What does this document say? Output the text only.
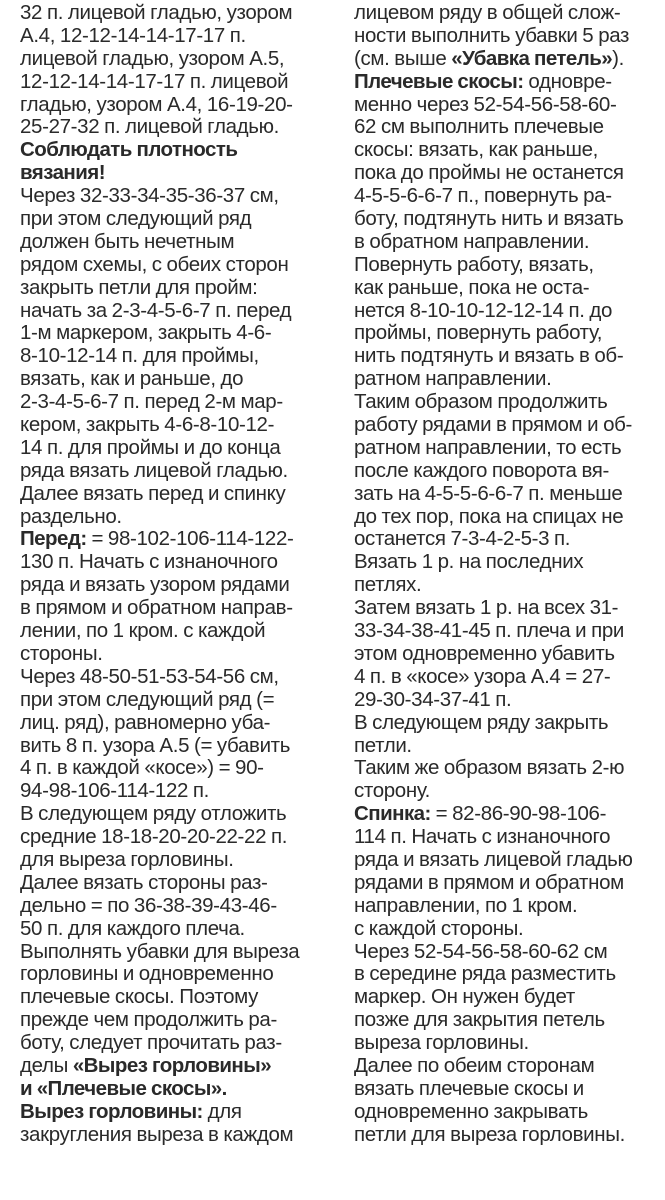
32 п. лицевой гладью, узором
А.4, 12-12-14-14-17-17 п.
лицевой гладью, узором А.5,
12-12-14-14-17-17 п. лицевой
гладью, узором А.4, 16-19-20-
25-27-32 п. лицевой гладью.
Соблюдать плотность
вязания!
Через 32-33-34-35-36-37 см,
при этом следующий ряд
должен быть нечетным
рядом схемы, с обеих сторон
закрыть петли для пройм:
начать за 2-3-4-5-6-7 п. перед
1-м маркером, закрыть 4-6-
8-10-12-14 п. для проймы,
вязать, как и раньше, до
2-3-4-5-6-7 п. перед 2-м мар-
кером, закрыть 4-6-8-10-12-
14 п. для проймы и до конца
ряда вязать лицевой гладью.
Далее вязать перед и спинку
раздельно.
Перед: = 98-102-106-114-122-
130 п. Начать с изнаночного
ряда и вязать узором рядами
в прямом и обратном направ-
лении, по 1 кром. с каждой
стороны.
Через 48-50-51-53-54-56 см,
при этом следующий ряд (=
лиц. ряд), равномерно уба-
вить 8 п. узора А.5 (= убавить
4 п. в каждой «косе») = 90-
94-98-106-114-122 п.
В следующем ряду отложить
средние 18-18-20-20-22-22 п.
для выреза горловины.
Далее вязать стороны раз-
дельно = по 36-38-39-43-46-
50 п. для каждого плеча.
Выполнять убавки для выреза
горловины и одновременно
плечевые скосы. Поэтому
прежде чем продолжить ра-
боту, следует прочитать раз-
делы «Вырез горловины»
и «Плечевые скосы».
Вырез горловины: для
закругления выреза в каждом
лицевом ряду в общей слож-
ности выполнить убавки 5 раз
(см. выше «Убавка петель»).
Плечевые скосы: одновре-
менно через 52-54-56-58-60-
62 см выполнить плечевые
скосы: вязать, как раньше,
пока до проймы не останется
4-5-5-6-6-7 п., повернуть ра-
боту, подтянуть нить и вязать
в обратном направлении.
Повернуть работу, вязать,
как раньше, пока не оста-
нется 8-10-10-12-12-14 п. до
проймы, повернуть работу,
нить подтянуть и вязать в об-
ратном направлении.
Таким образом продолжить
работу рядами в прямом и об-
ратном направлении, то есть
после каждого поворота вя-
зать на 4-5-5-6-6-7 п. меньше
до тех пор, пока на спицах не
останется 7-3-4-2-5-3 п.
Вязать 1 р. на последних
петлях.
Затем вязать 1 р. на всех 31-
33-34-38-41-45 п. плеча и при
этом одновременно убавить
4 п. в «косе» узора А.4 = 27-
29-30-34-37-41 п.
В следующем ряду закрыть
петли.
Таким же образом вязать 2-ю
сторону.
Спинка: = 82-86-90-98-106-
114 п. Начать с изнаночного
ряда и вязать лицевой гладью
рядами в прямом и обратном
направлении, по 1 кром.
с каждой стороны.
Через 52-54-56-58-60-62 см
в середине ряда разместить
маркер. Он нужен будет
позже для закрытия петель
выреза горловины.
Далее по обеим сторонам
вязать плечевые скосы и
одновременно закрывать
петли для выреза горловины.
